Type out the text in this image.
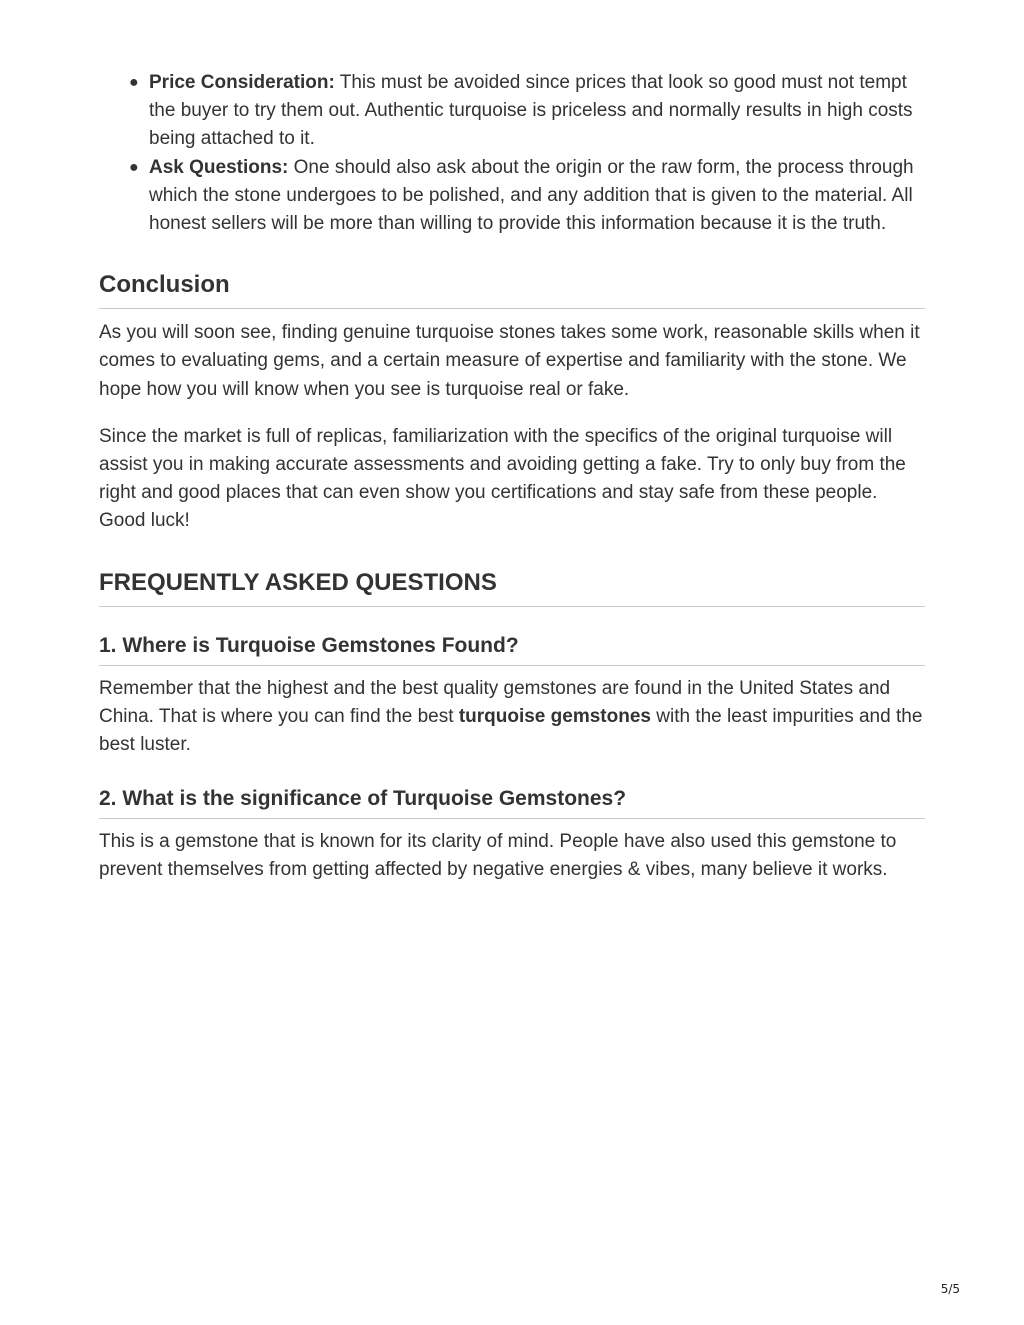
● Price Consideration: This must be avoided since prices that look so good must not tempt the buyer to try them out. Authentic turquoise is priceless and normally results in high costs being attached to it.
● Ask Questions: One should also ask about the origin or the raw form, the process through which the stone undergoes to be polished, and any addition that is given to the material. All honest sellers will be more than willing to provide this information because it is the truth.
Conclusion

As you will soon see, finding genuine turquoise stones takes some work, reasonable skills when it comes to evaluating gems, and a certain measure of expertise and familiarity with the stone. We hope how you will know when you see is turquoise real or fake.

Since the market is full of replicas, familiarization with the specifics of the original turquoise will assist you in making accurate assessments and avoiding getting a fake. Try to only buy from the right and good places that can even show you certifications and stay safe from these people. Good luck!

FREQUENTLY ASKED QUESTIONS
1. Where is Turquoise Gemstones Found?

Remember that the highest and the best quality gemstones are found in the United States and China. That is where you can find the best turquoise gemstones with the least impurities and the best luster.

2. What is the significance of Turquoise Gemstones?

This is a gemstone that is known for its clarity of mind. People have also used this gemstone to prevent themselves from getting affected by negative energies & vibes, many believe it works.

5/5
